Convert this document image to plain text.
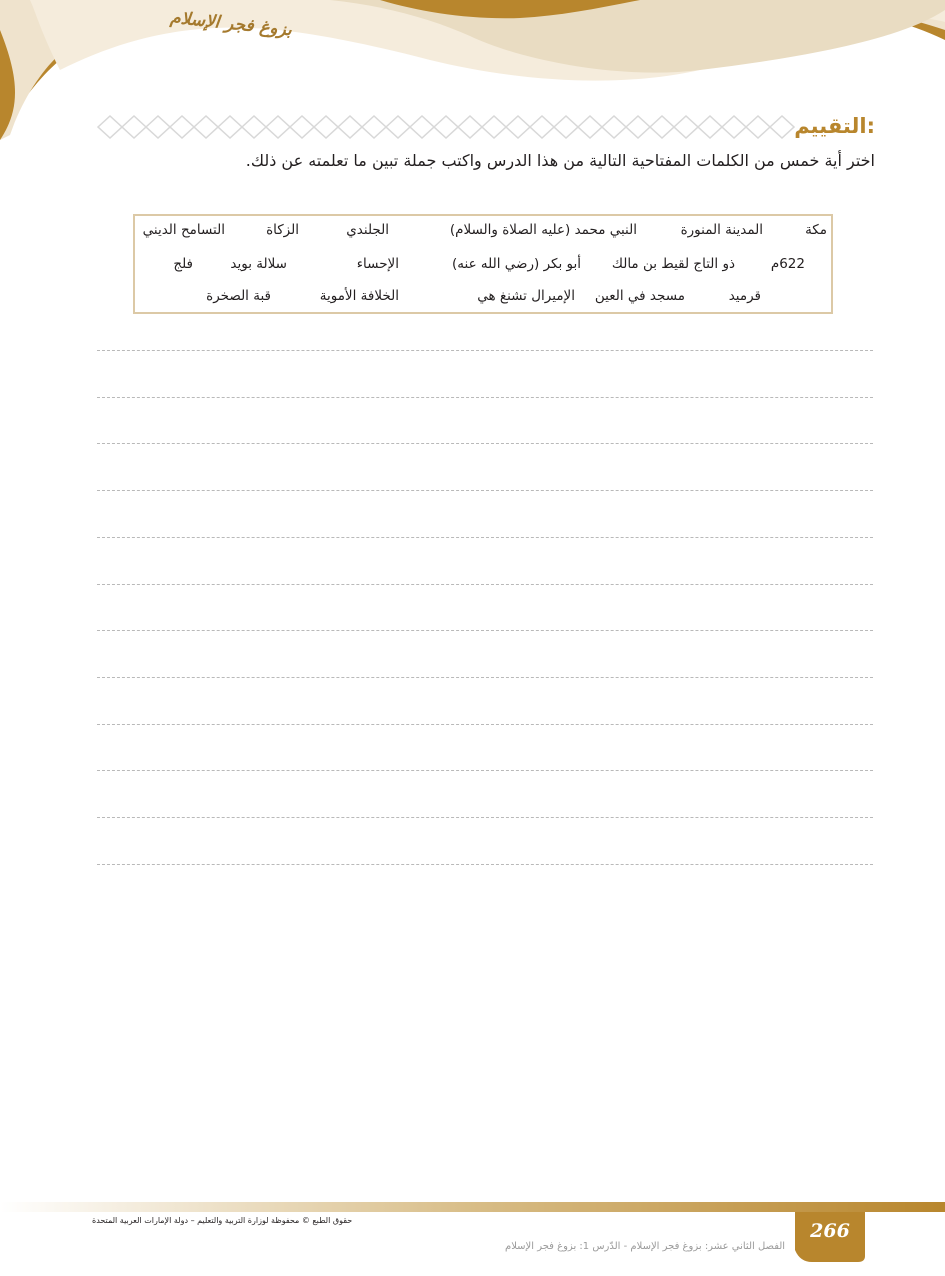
بزوغ فجر الإسلام
التقييم:
اختر أية خمس من الكلمات المفتاحية التالية من هذا الدرس واكتب جملة تبين ما تعلمته عن ذلك.
مكة
المدينة المنورة
النبي محمد (عليه الصلاة والسلام)
الجلندي
الزكاة
التسامح الديني
622م
ذو التاج لقيط بن مالك
أبو بكر (رضي الله عنه)
الإحساء
سلالة بويد
فلج
قرميد
مسجد في العين
الإميرال تشنغ هي
الخلافة الأموية
قبة الصخرة
حقوق الطبع © محفوظة لوزارة التربية والتعليم – دولة الإمارات العربية المتحدة
الفصل الثاني عشر: بزوغ فجر الإسلام - الدّرس 1: بزوغ فجر الإسلام
266
